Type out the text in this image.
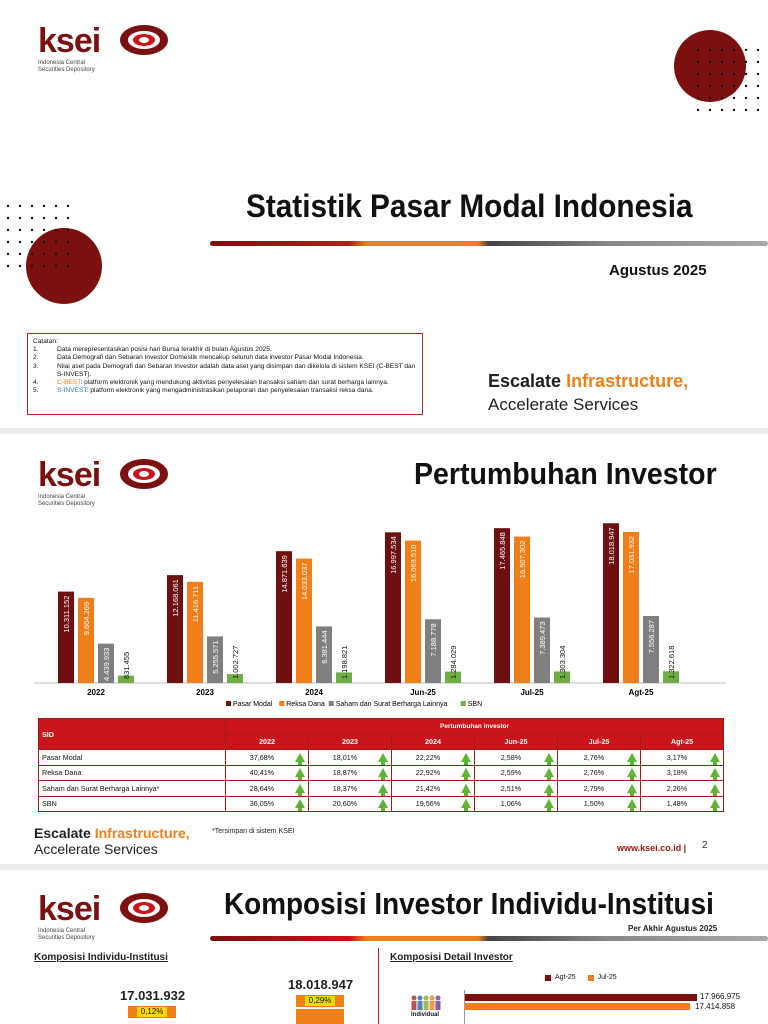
ksei
Indonesia Central
Securities Depository
Statistik Pasar Modal Indonesia
Agustus 2025
Catatan:
1.	Data merepresentasikan posisi hari Bursa terakhir di bulan Agustus 2025.
2.	Data Demografi dan Sebaran Investor Domestik mencakup seluruh data investor Pasar Modal Indonesia.
3.	Nilai aset pada Demografi dan Sebaran Investor adalah data aset yang disimpan dan dikelola di sistem KSEI (C-BEST dan S-INVEST).
4.	C-BEST: platform elektronik yang mendukung aktivitas penyelesaian transaksi saham dan surat berharga lainnya.
5.	S-INVEST: platform elektronik yang mengadministrasikan pelaporan dan penyelesaian transaksi reksa dana.	Escalate Infrastructure,
Accelerate Services
ksei
Indonesia Central
Securities Depository
Pertumbuhan Investor
10.311.152 9.604.269
4.439.933 831.455
2022
12.168.061 11.416.711
5.255.571 1.002.727
2023
14.871.639 14.033.037
6.381.444 1.198.821
2024
16.997.534 16.063.510
7.188.778
1.284.029
Jun-25
17.465.848 16.507.302
7.389.473
1.303.304
Jul-25
18.018.947 17.031.932
7.556.287
1.322.618
Agt-25
Pasar Modal Reksa Dana Saham dan Surat Berharga Lainnya	SBN
SID	Pertumbuhan investor					
	2022	2023	2024	Jun-25	Jul-25	Agt-25
Pasar Modal	37,68%	18,01%	22,22%	2,58%	2,76%	3,17%

Reksa Dana	40,41%	18,87%	22,92%	2,59%	2,76%	3,18%

Saham dan Surat Berharga Lainnya*	28,64%	18,37%	21,42%	2,51%	2,79%	2,26%

SBN	36,05%	20,60%	19,56%	1,06%	1,50%	1,48%
*Tersimpan di sistem KSEI
Escalate Infrastructure,
Accelerate Services	www.ksei.co.id | 2
ksei
Indonesia Central
Securities Depository
Komposisi Investor Individu-Institusi
Per Akhir Agustus 2025
Komposisi Individu-Institusi	Komposisi Detail Investor
17.031.932
18.018.947
0,12%
0,29%
Agt-25	Jul-25
Individual
17.966.975
17.414.858
